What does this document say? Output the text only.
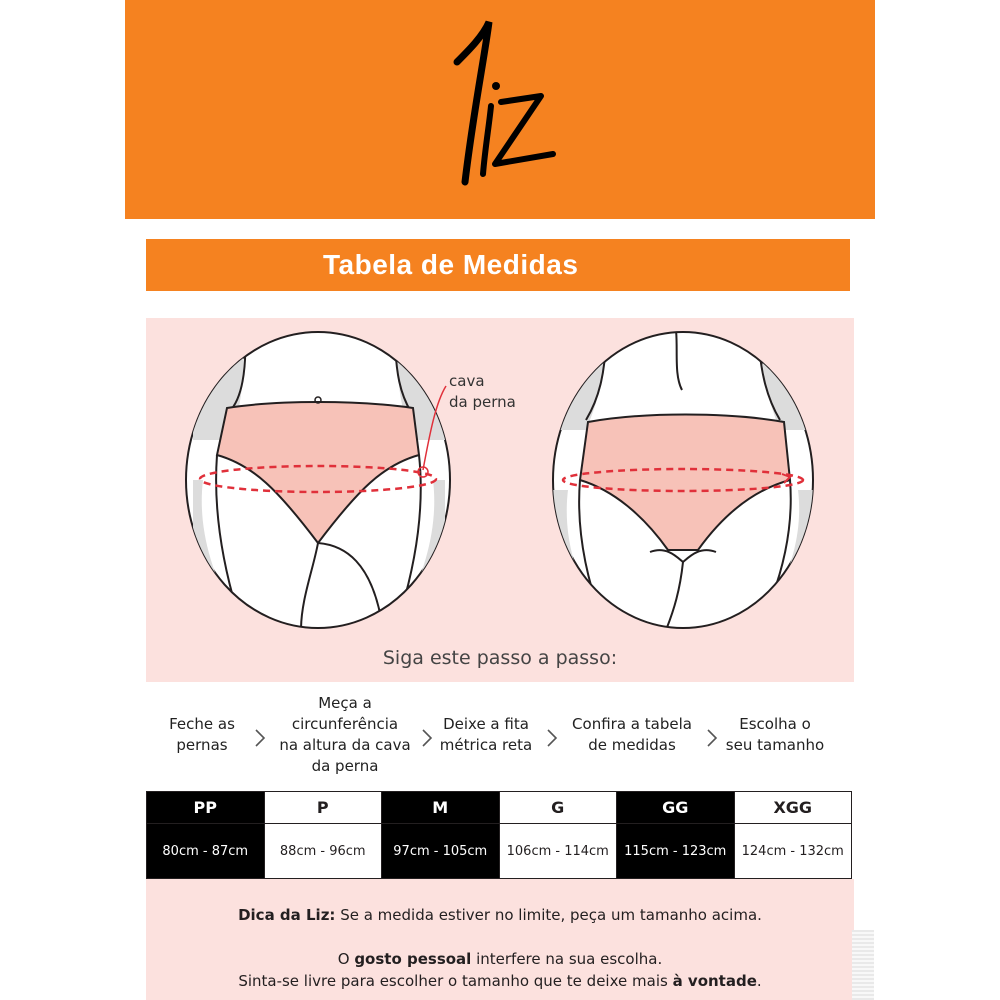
Tabela de Medidas
cava
da perna
Siga este passo a passo:
Feche as
pernas
Meça a
circunferência
na altura da cava
da perna
Deixe a fita
métrica reta
Confira a tabela
de medidas
Escolha o
seu tamanho
PP	P	M	G	GG	XGG
80cm - 87cm	88cm - 96cm	97cm - 105cm	106cm - 114cm	115cm - 123cm	124cm - 132cm
Dica da Liz: Se a medida estiver no limite, peça um tamanho acima.
O gosto pessoal interfere na sua escolha.
Sinta-se livre para escolher o tamanho que te deixe mais à vontade.
